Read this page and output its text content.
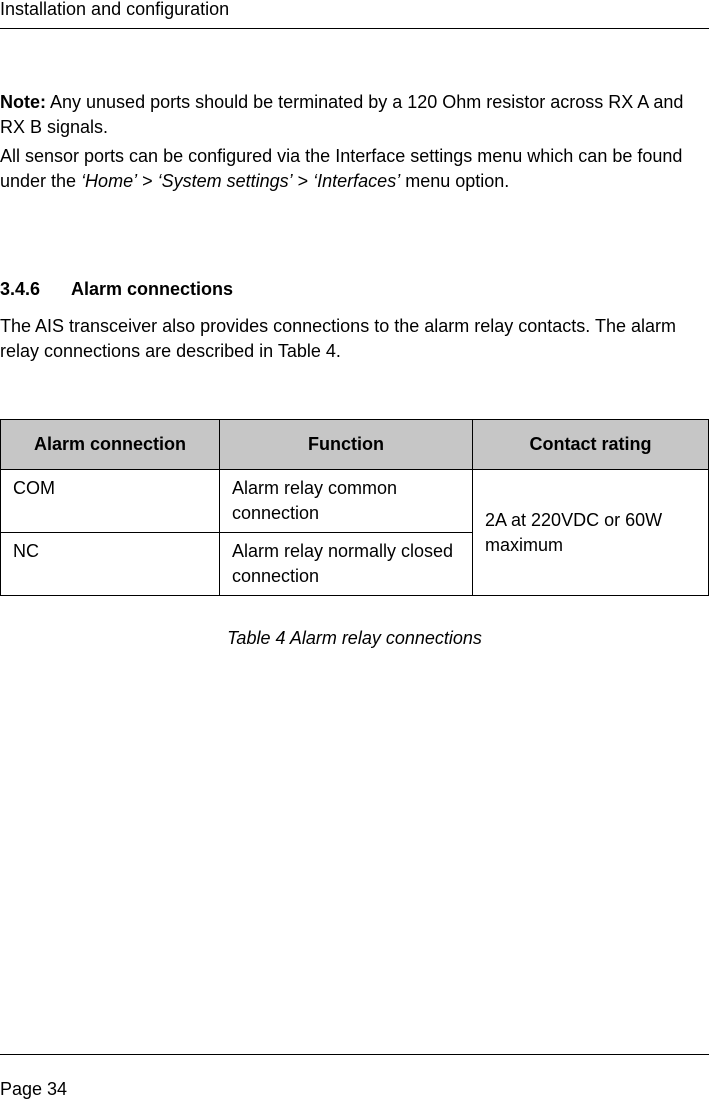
Installation and configuration

Note: Any unused ports should be terminated by a 120 Ohm resistor across RX A and RX B signals.

All sensor ports can be configured via the Interface settings menu which can be found under the ‘Home’ > ‘System settings’ > ‘Interfaces’ menu option.

3.4.6 Alarm connections

The AIS transceiver also provides connections to the alarm relay contacts. The alarm relay connections are described in Table 4.

Alarm connection	Function	Contact rating
COM	Alarm relay common connection	2A at 220VDC or 60W maximum
NC	Alarm relay normally closed connection	
Table 4 Alarm relay connections
Page 34
